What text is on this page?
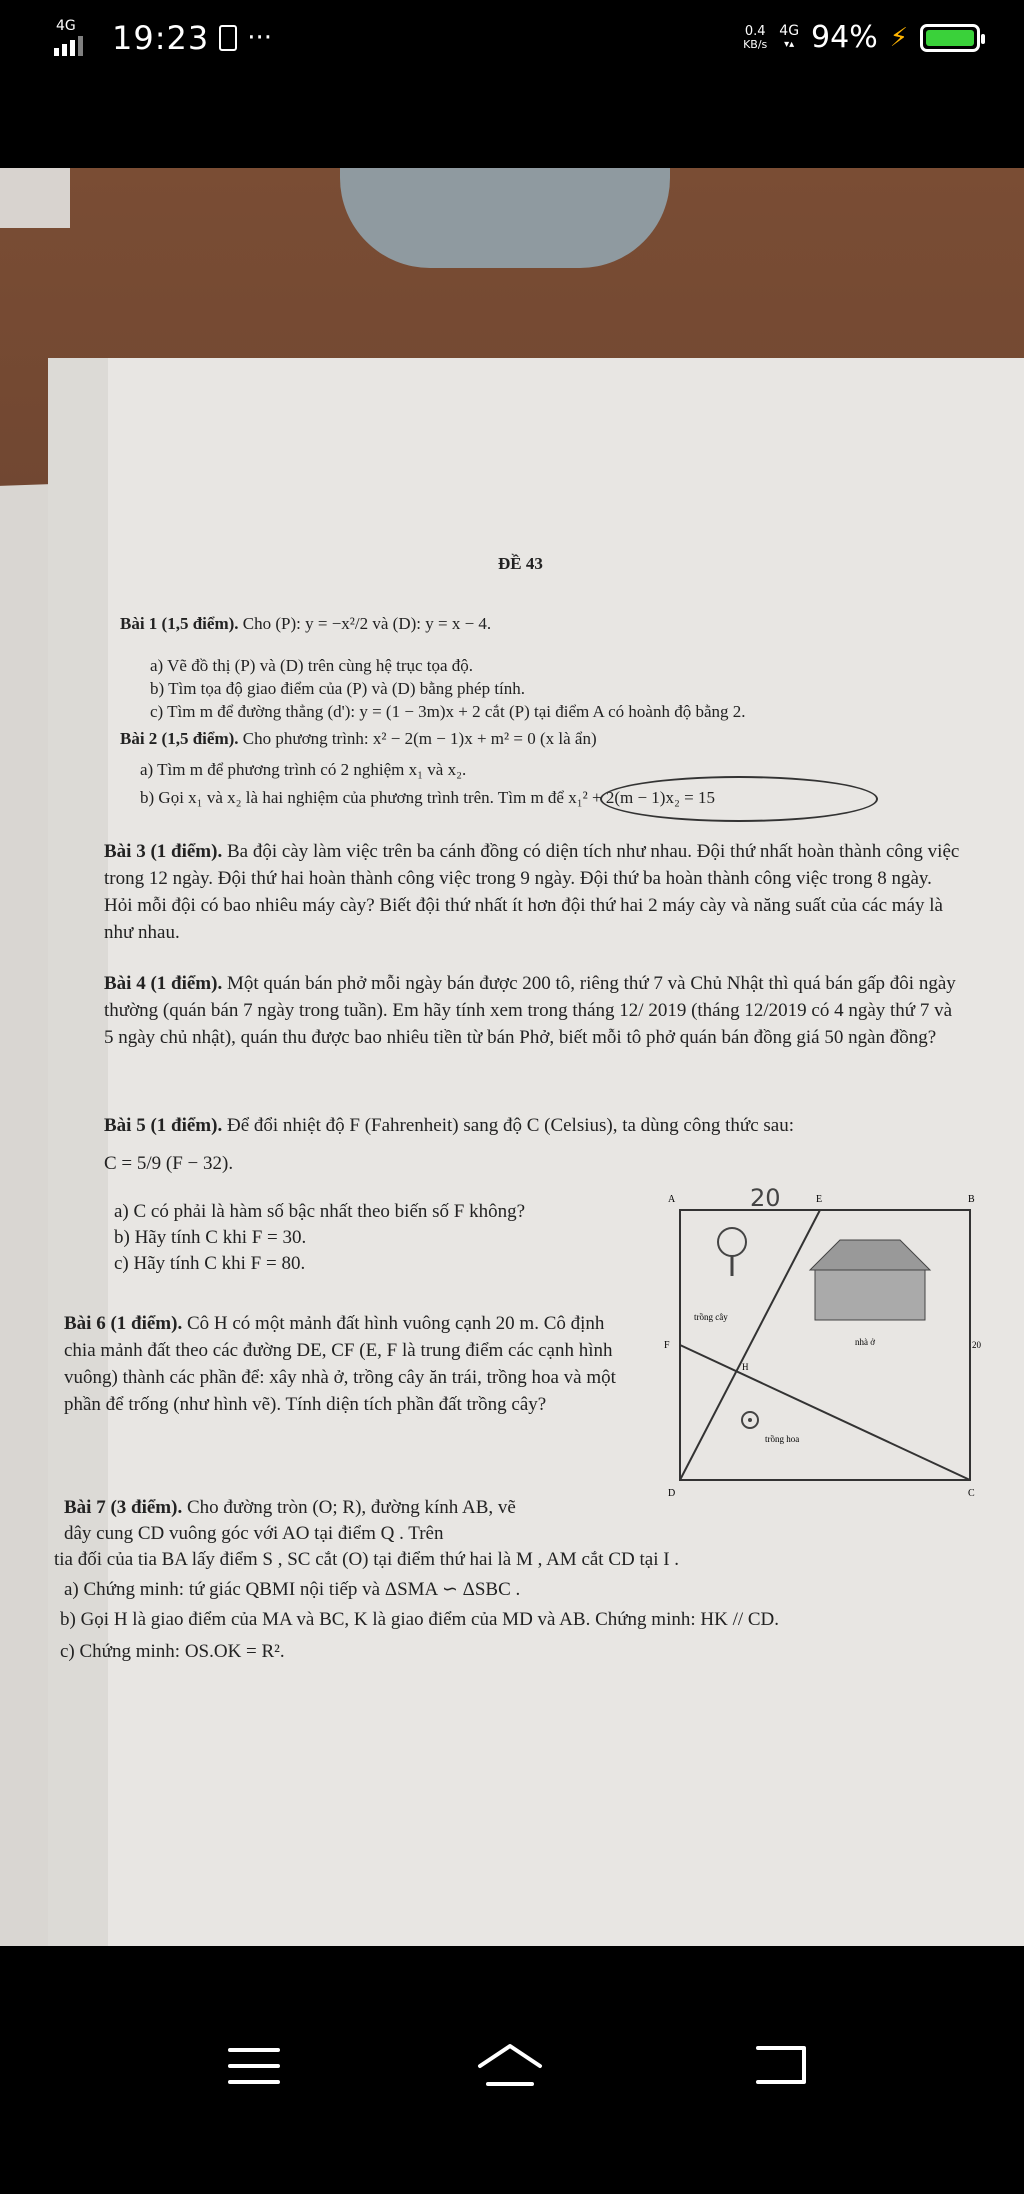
4G 19:23 ···	0.4
KB/s
4G
▾▴ 94% ⚡
ĐỀ 43
Bài 1 (1,5 điểm). Cho (P): y = −x²/2 và (D): y = x − 4.
a) Vẽ đồ thị (P) và (D) trên cùng hệ trục tọa độ.
b) Tìm tọa độ giao điểm của (P) và (D) bằng phép tính.
c) Tìm m để đường thẳng (d'): y = (1 − 3m)x + 2 cắt (P) tại điểm A có hoành độ bằng 2.
Bài 2 (1,5 điểm). Cho phương trình: x² − 2(m − 1)x + m² = 0 (x là ẩn)
a) Tìm m để phương trình có 2 nghiệm x₁ và x₂.
b) Gọi x₁ và x₂ là hai nghiệm của phương trình trên. Tìm m để x₁² + 2(m − 1)x₂ = 15
Bài 3 (1 điểm). Ba đội cày làm việc trên ba cánh đồng có diện tích như nhau. Đội thứ nhất hoàn thành công việc trong 12 ngày. Đội thứ hai hoàn thành công việc trong 9 ngày. Đội thứ ba hoàn thành công việc trong 8 ngày. Hỏi mỗi đội có bao nhiêu máy cày? Biết đội thứ nhất ít hơn đội thứ hai 2 máy cày và năng suất của các máy là như nhau.
Bài 4 (1 điểm). Một quán bán phở mỗi ngày bán được 200 tô, riêng thứ 7 và Chủ Nhật thì quá bán gấp đôi ngày thường (quán bán 7 ngày trong tuần). Em hãy tính xem trong tháng 12/ 2019 (tháng 12/2019 có 4 ngày thứ 7 và 5 ngày chủ nhật), quán thu được bao nhiêu tiền từ bán Phở, biết mỗi tô phở quán bán đồng giá 50 ngàn đồng?
Bài 5 (1 điểm). Để đổi nhiệt độ F (Fahrenheit) sang độ C (Celsius), ta dùng công thức sau:
C = 5/9 (F − 32).
a) C có phải là hàm số bậc nhất theo biến số F không?
b) Hãy tính C khi F = 30.
c) Hãy tính C khi F = 80.
Bài 6 (1 điểm). Cô H có một mảnh đất hình vuông cạnh 20 m. Cô định chia mảnh đất theo các đường DE, CF (E, F là trung điểm các cạnh hình vuông) thành các phần để: xây nhà ở, trồng cây ăn trái, trồng hoa và một phần để trống (như hình vẽ). Tính diện tích phần đất trồng cây?
Bài 7 (3 điểm). Cho đường tròn (O; R), đường kính AB, vẽ
dây cung CD vuông góc với AO tại điểm Q . Trên
tia đối của tia BA lấy điểm S , SC cắt (O) tại điểm thứ hai là M , AM cắt CD tại I .
a) Chứng minh: tứ giác QBMI nội tiếp và ΔSMA ∽ ΔSBC .
b) Gọi H là giao điểm của MA và BC, K là giao điểm của MD và AB. Chứng minh: HK // CD.
c) Chứng minh: OS.OK = R².
A	E	B
F
D	C
H
20
20
trồng cây
nhà ở
trồng hoa
